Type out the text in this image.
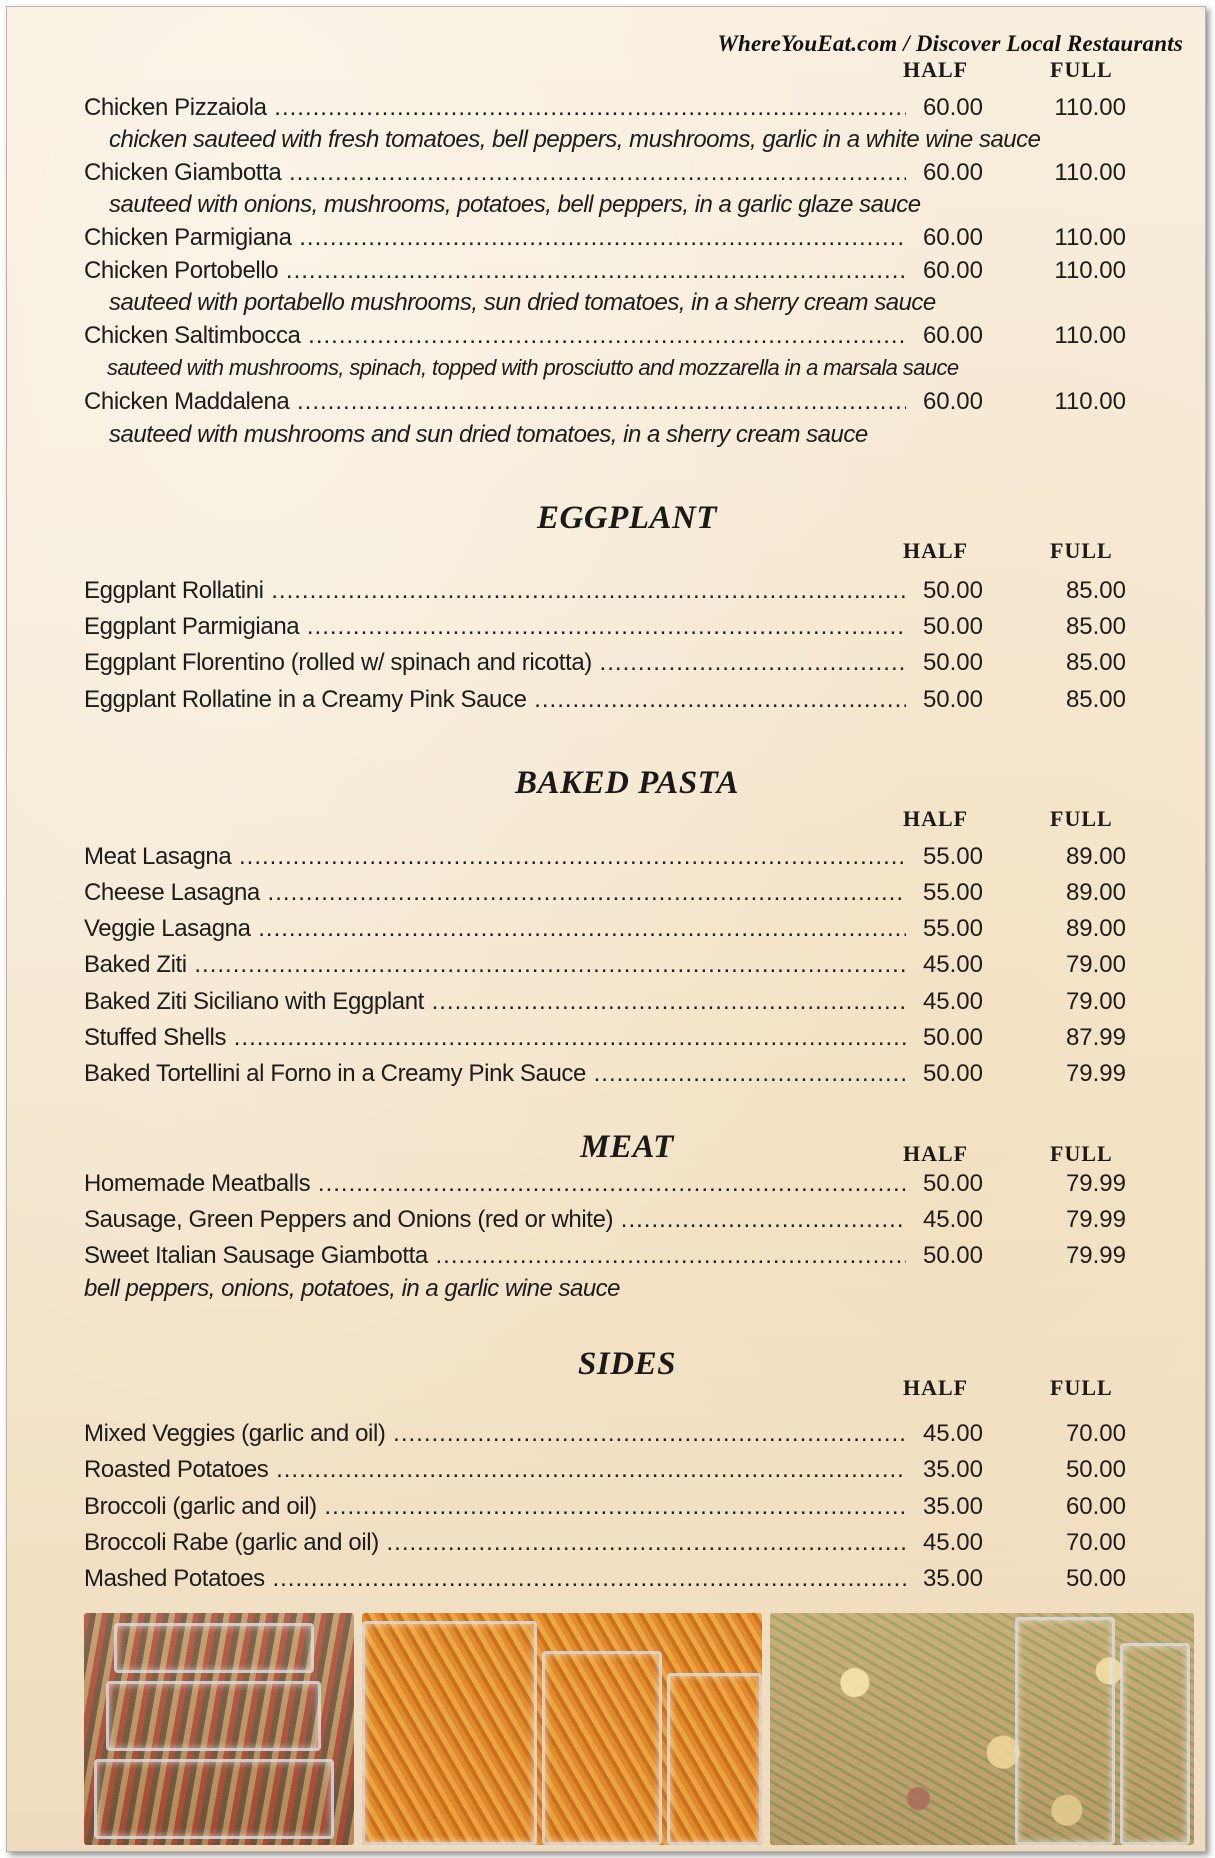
WhereYouEat.com / Discover Local Restaurants
HALF	FULL
Chicken Pizzaiola .....	60.00	110.00
chicken sauteed with fresh tomatoes, bell peppers, mushrooms, garlic in a white wine sauce
Chicken Giambotta .....	60.00	110.00
sauteed with onions, mushrooms, potatoes, bell peppers, in a garlic glaze sauce
Chicken Parmigiana .....	60.00	110.00
Chicken Portobello .....	60.00	110.00
sauteed with portabello mushrooms, sun dried tomatoes, in a sherry cream sauce
Chicken Saltimbocca .....	60.00	110.00
sauteed with mushrooms, spinach, topped with prosciutto and mozzarella in a marsala sauce
Chicken Maddalena .....	60.00	110.00
sauteed with mushrooms and sun dried tomatoes, in a sherry cream sauce
EGGPLANT
HALF	FULL
Eggplant Rollatini .....	50.00	85.00
Eggplant Parmigiana .....	50.00	85.00
Eggplant Florentino (rolled w/ spinach and ricotta) .....	50.00	85.00
Eggplant Rollatine in a Creamy Pink Sauce .....	50.00	85.00
BAKED PASTA
HALF	FULL
Meat Lasagna .....	55.00	89.00
Cheese Lasagna .....	55.00	89.00
Veggie Lasagna .....	55.00	89.00
Baked Ziti .....	45.00	79.00
Baked Ziti Siciliano with Eggplant .....	45.00	79.00
Stuffed Shells .....	50.00	87.99
Baked Tortellini al Forno in a Creamy Pink Sauce .....	50.00	79.99
MEAT	HALF	FULL
Homemade Meatballs .....	50.00	79.99
Sausage, Green Peppers and Onions (red or white) .....	45.00	79.99
Sweet Italian Sausage Giambotta .....	50.00	79.99
bell peppers, onions, potatoes, in a garlic wine sauce
SIDES
HALF	FULL
Mixed Veggies (garlic and oil) .....	45.00	70.00
Roasted Potatoes .....	35.00	50.00
Broccoli (garlic and oil) .....	35.00	60.00
Broccoli Rabe (garlic and oil) .....	45.00	70.00
Mashed Potatoes .....	35.00	50.00
